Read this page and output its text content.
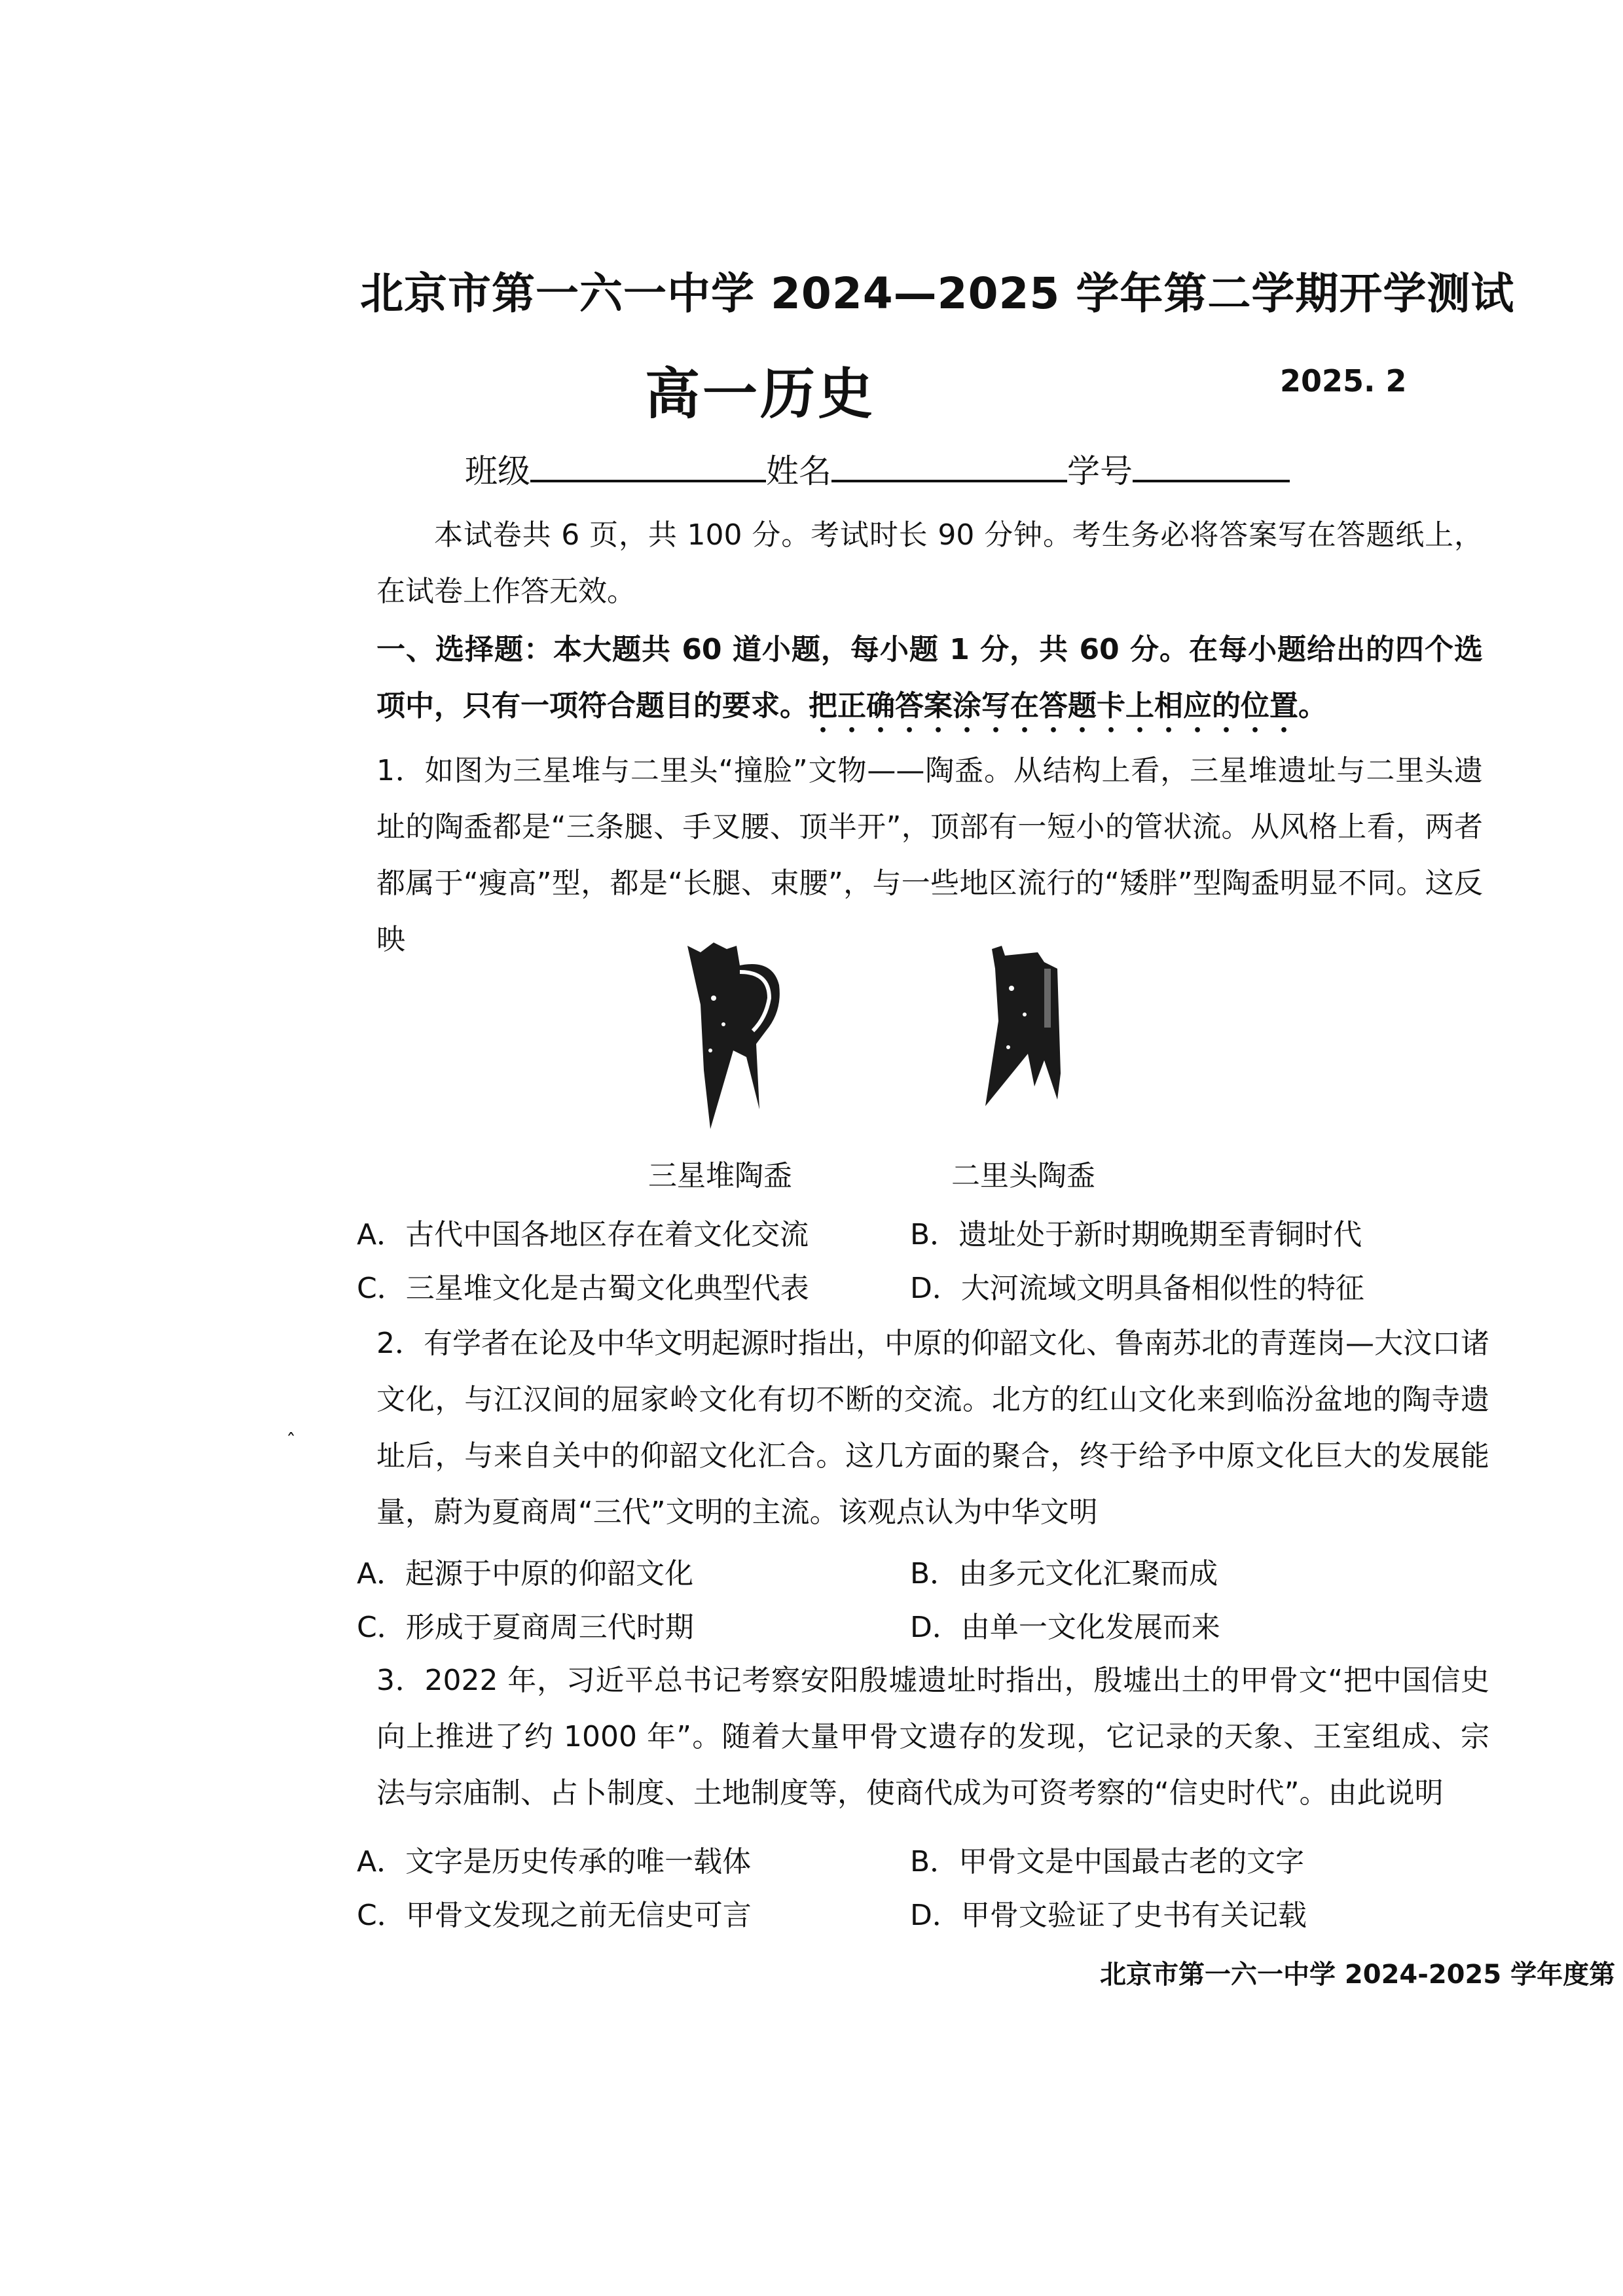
北京市第一六一中学 2024—2025 学年第二学期开学测试
高一历史	2025. 2
班级	姓名	学号
本试卷共 6 页，共 100 分。考试时长 90 分钟。考生务必将答案写在答题纸上，在试卷上作答无效。
一、选择题：本大题共 60 道小题，每小题 1 分，共 60 分。在每小题给出的四个选项中，只有一项符合题目的要求。把正确答案涂写在答题卡上相应的位置。
1．如图为三星堆与二里头“撞脸”文物——陶盉。从结构上看，三星堆遗址与二里头遗址的陶盉都是“三条腿、手叉腰、顶半开”，顶部有一短小的管状流。从风格上看，两者都属于“瘦高”型，都是“长腿、束腰”，与一些地区流行的“矮胖”型陶盉明显不同。这反映
三星堆陶盉	二里头陶盉
A．古代中国各地区存在着文化交流	B．遗址处于新时期晚期至青铜时代
C．三星堆文化是古蜀文化典型代表	D．大河流域文明具备相似性的特征
2．有学者在论及中华文明起源时指出，中原的仰韶文化、鲁南苏北的青莲岗—大汶口诸文化，与江汉间的屈家岭文化有切不断的交流。北方的红山文化来到临汾盆地的陶寺遗址后，与来自关中的仰韶文化汇合。这几方面的聚合，终于给予中原文化巨大的发展能量，蔚为夏商周“三代”文明的主流。该观点认为中华文明
ˆ
A．起源于中原的仰韶文化	B．由多元文化汇聚而成
C．形成于夏商周三代时期	D．由单一文化发展而来
3．2022 年，习近平总书记考察安阳殷墟遗址时指出，殷墟出土的甲骨文“把中国信史向上推进了约 1000 年”。随着大量甲骨文遗存的发现，它记录的天象、王室组成、宗法与宗庙制、占卜制度、土地制度等，使商代成为可资考察的“信史时代”。由此说明
A．文字是历史传承的唯一载体	B．甲骨文是中国最古老的文字
C．甲骨文发现之前无信史可言	D．甲骨文验证了史书有关记载
北京市第一六一中学 2024-2025 学年度第
